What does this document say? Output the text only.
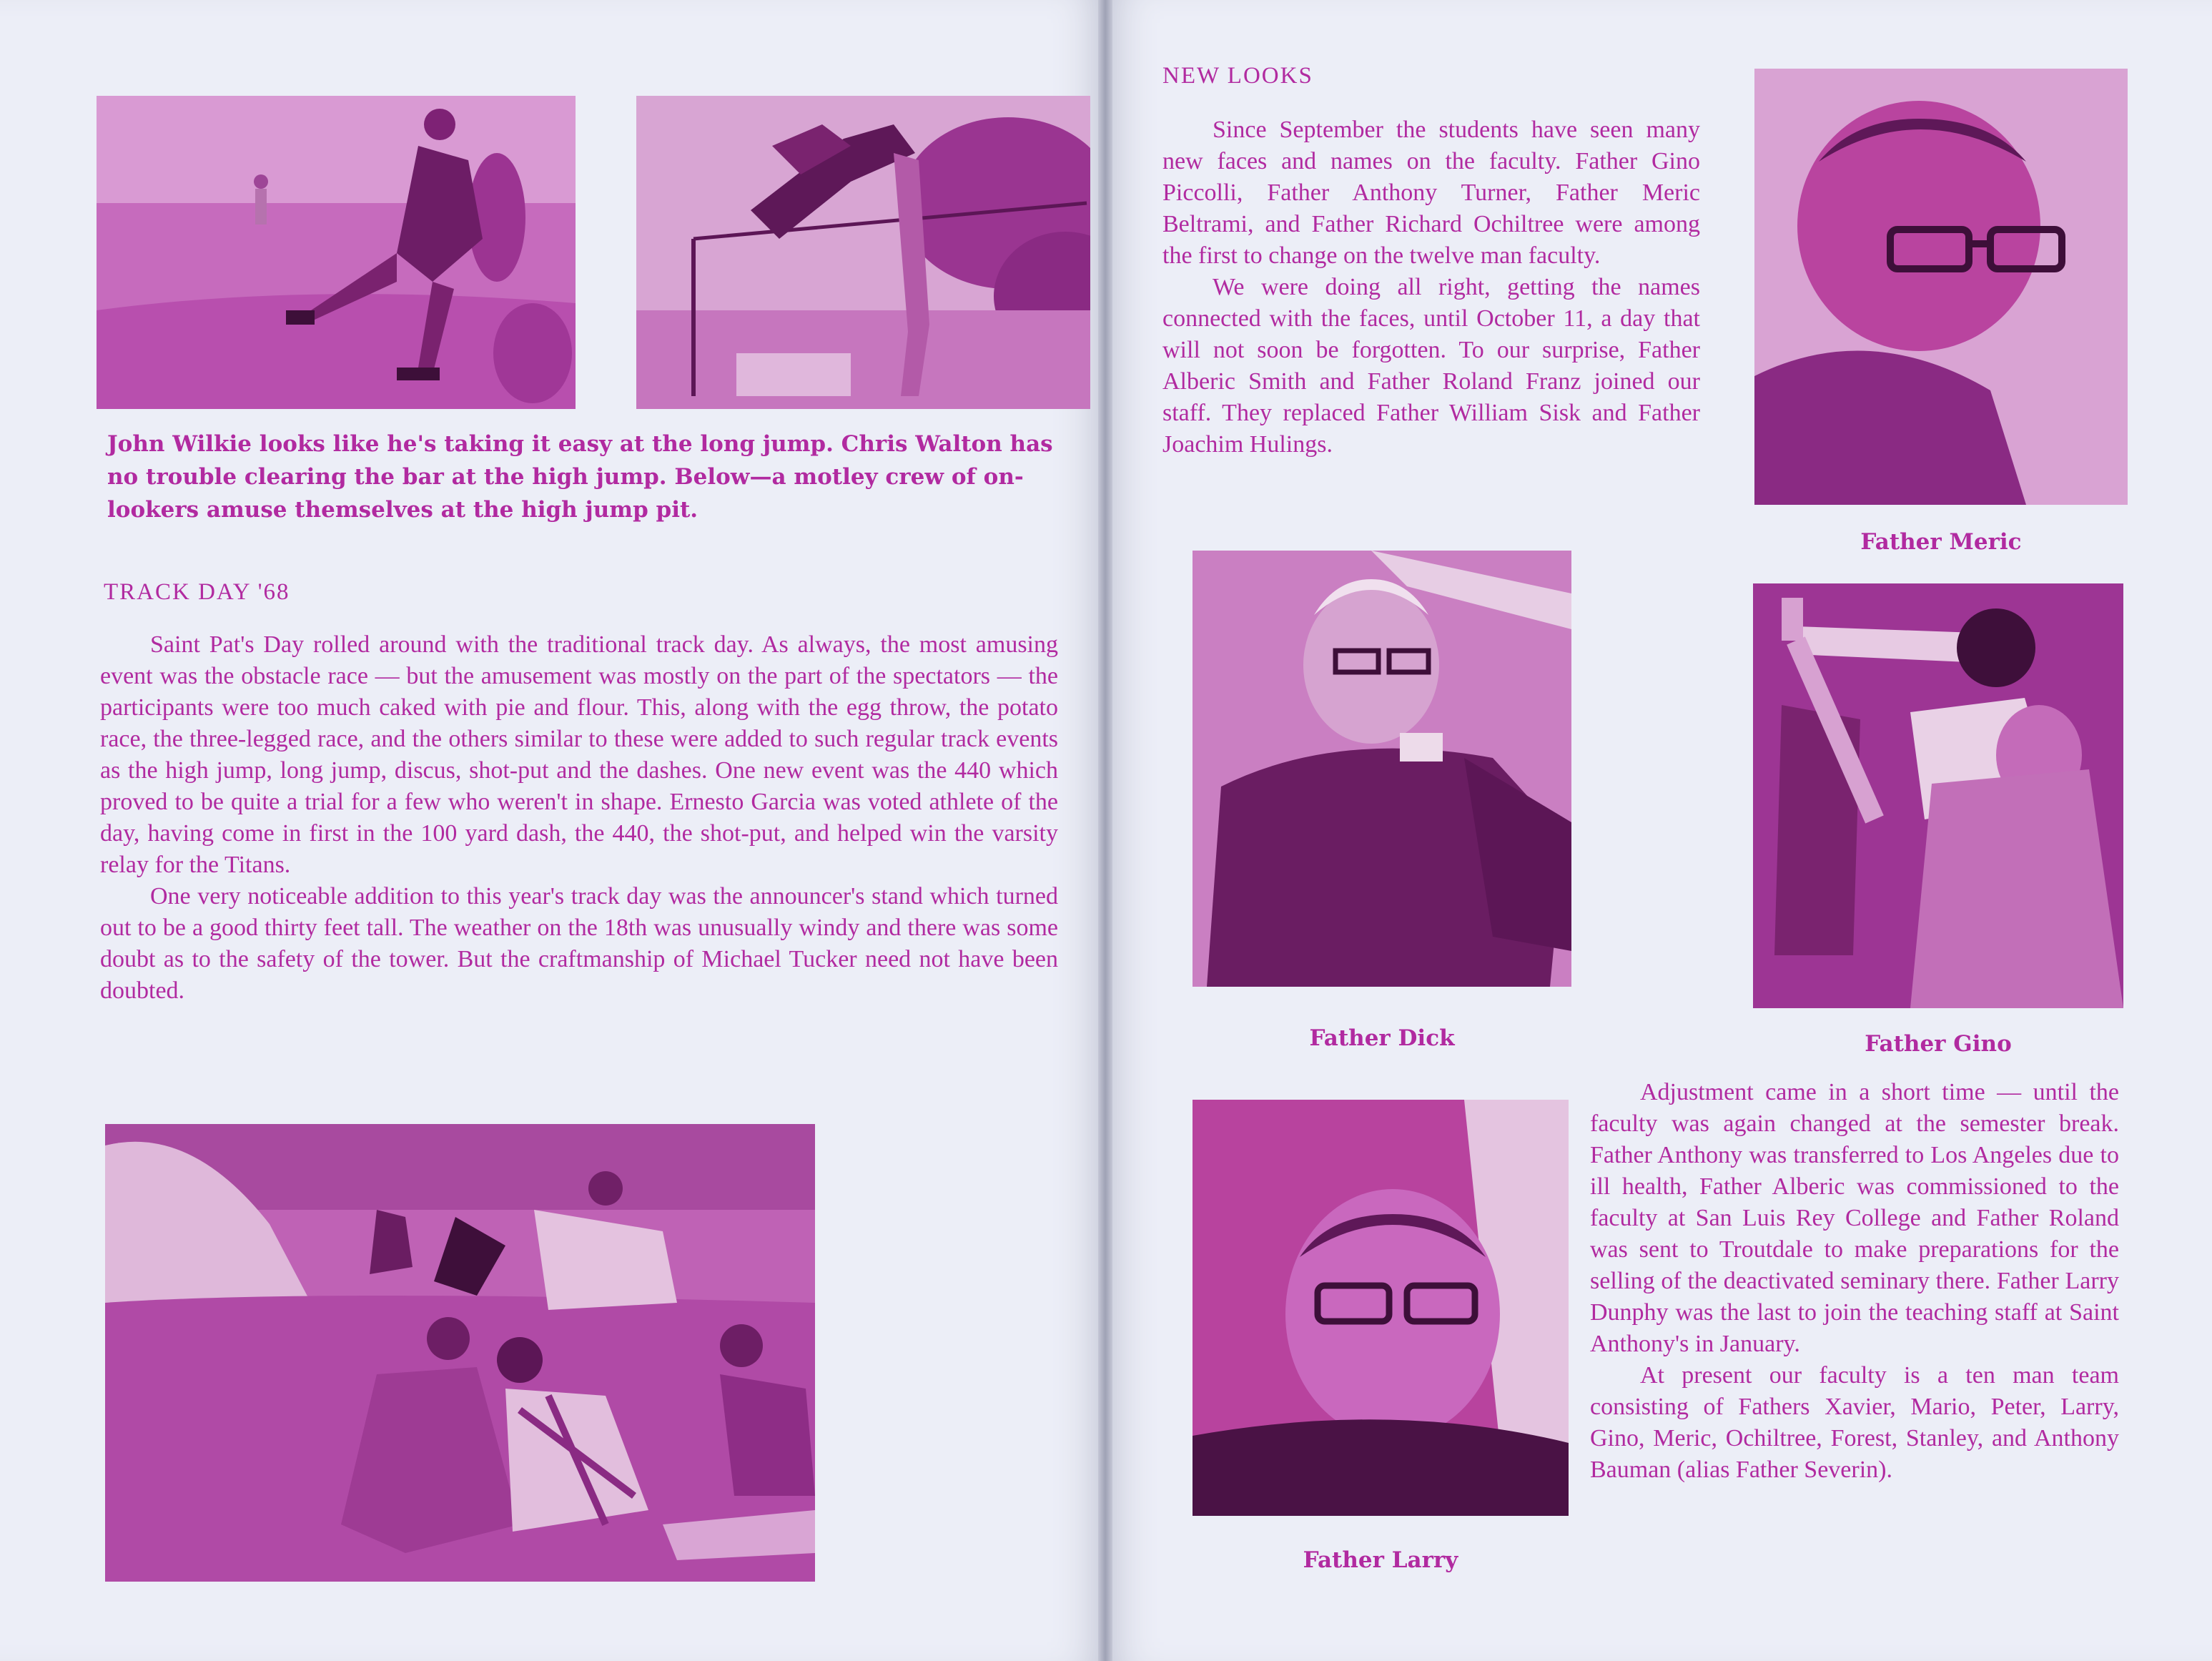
John Wilkie looks like he's taking it easy at the long jump. Chris Walton has no trouble clearing the bar at the high jump. Below—a motley crew of on-lookers amuse themselves at the high jump pit.
TRACK DAY '68

Saint Pat's Day rolled around with the traditional track day. As always, the most amusing event was the obstacle race — but the amusement was mostly on the part of the spectators — the participants were too much caked with pie and flour. This, along with the egg throw, the potato race, the three-legged race, and the others similar to these were added to such regular track events as the high jump, long jump, discus, shot-put and the dashes. One new event was the 440 which proved to be quite a trial for a few who weren't in shape. Ernesto Garcia was voted athlete of the day, having come in first in the 100 yard dash, the 440, the shot-put, and helped win the varsity relay for the Titans.

One very noticeable addition to this year's track day was the announcer's stand which turned out to be a good thirty feet tall. The weather on the 18th was unusually windy and there was some doubt as to the safety of the tower. But the craftmanship of Michael Tucker need not have been doubted.

NEW LOOKS

Since September the students have seen many new faces and names on the faculty. Father Gino Piccolli, Father Anthony Turner, Father Meric Beltrami, and Father Richard Ochiltree were among the first to change on the twelve man faculty.

We were doing all right, getting the names connected with the faces, until October 11, a day that will not soon be forgotten. To our surprise, Father Alberic Smith and Father Roland Franz joined our staff. They replaced Father William Sisk and Father Joachim Hulings.

Father Meric
Father Dick	Father Gino
Father Larry

Adjustment came in a short time — until the faculty was again changed at the semester break. Father Anthony was transferred to Los Angeles due to ill health, Father Alberic was commissioned to the faculty at San Luis Rey College and Father Roland was sent to Troutdale to make preparations for the selling of the deactivated seminary there. Father Larry Dunphy was the last to join the teaching staff at Saint Anthony's in January.

At present our faculty is a ten man team consisting of Fathers Xavier, Mario, Peter, Larry, Gino, Meric, Ochiltree, Forest, Stanley, and Anthony Bauman (alias Father Severin).
